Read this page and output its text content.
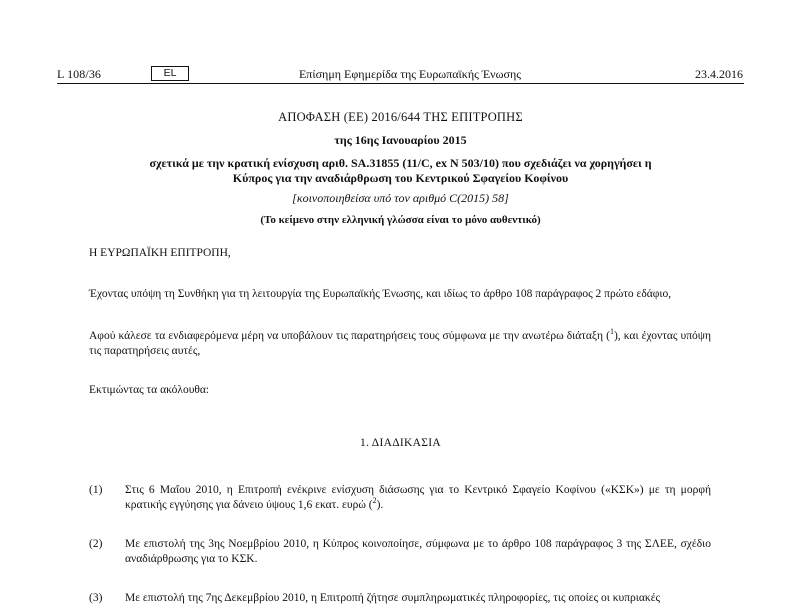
L 108/36	EL	Επίσημη Εφημερίδα της Ευρωπαϊκής Ένωσης	23.4.2016
ΑΠΟΦΑΣΗ (ΕΕ) 2016/644 ΤΗΣ ΕΠΙΤΡΟΠΗΣ
της 16ης Ιανουαρίου 2015
σχετικά με την κρατική ενίσχυση αριθ. SA.31855 (11/C, ex N 503/10) που σχεδιάζει να χορηγήσει η
Κύπρος για την αναδιάρθρωση του Κεντρικού Σφαγείου Κοφίνου
[κοινοποιηθείσα υπό τον αριθμό C(2015) 58]
(Το κείμενο στην ελληνική γλώσσα είναι το μόνο αυθεντικό)
Η ΕΥΡΩΠΑΪΚΗ ΕΠΙΤΡΟΠΗ,
Έχοντας υπόψη τη Συνθήκη για τη λειτουργία της Ευρωπαϊκής Ένωσης, και ιδίως το άρθρο 108 παράγραφος 2 πρώτο εδάφιο,
Αφού κάλεσε τα ενδιαφερόμενα μέρη να υποβάλουν τις παρατηρήσεις τους σύμφωνα με την ανωτέρω διάταξη ($^1$), και έχοντας υπόψη τις παρατηρήσεις αυτές,
Εκτιμώντας τα ακόλουθα:
1. ΔΙΑΔΙΚΑΣΙΑ
(1)	Στις 6 Μαΐου 2010, η Επιτροπή ενέκρινε ενίσχυση διάσωσης για το Κεντρικό Σφαγείο Κοφίνου («ΚΣΚ») με τη μορφή κρατικής εγγύησης για δάνειο ύψους 1,6 εκατ. ευρώ ($^2$).
(2)	Με επιστολή της 3ης Νοεμβρίου 2010, η Κύπρος κοινοποίησε, σύμφωνα με το άρθρο 108 παράγραφος 3 της ΣΛΕΕ, σχέδιο αναδιάρθρωσης για το ΚΣΚ.
(3)	Με επιστολή της 7ης Δεκεμβρίου 2010, η Επιτροπή ζήτησε συμπληρωματικές πληροφορίες, τις οποίες οι κυπριακές
